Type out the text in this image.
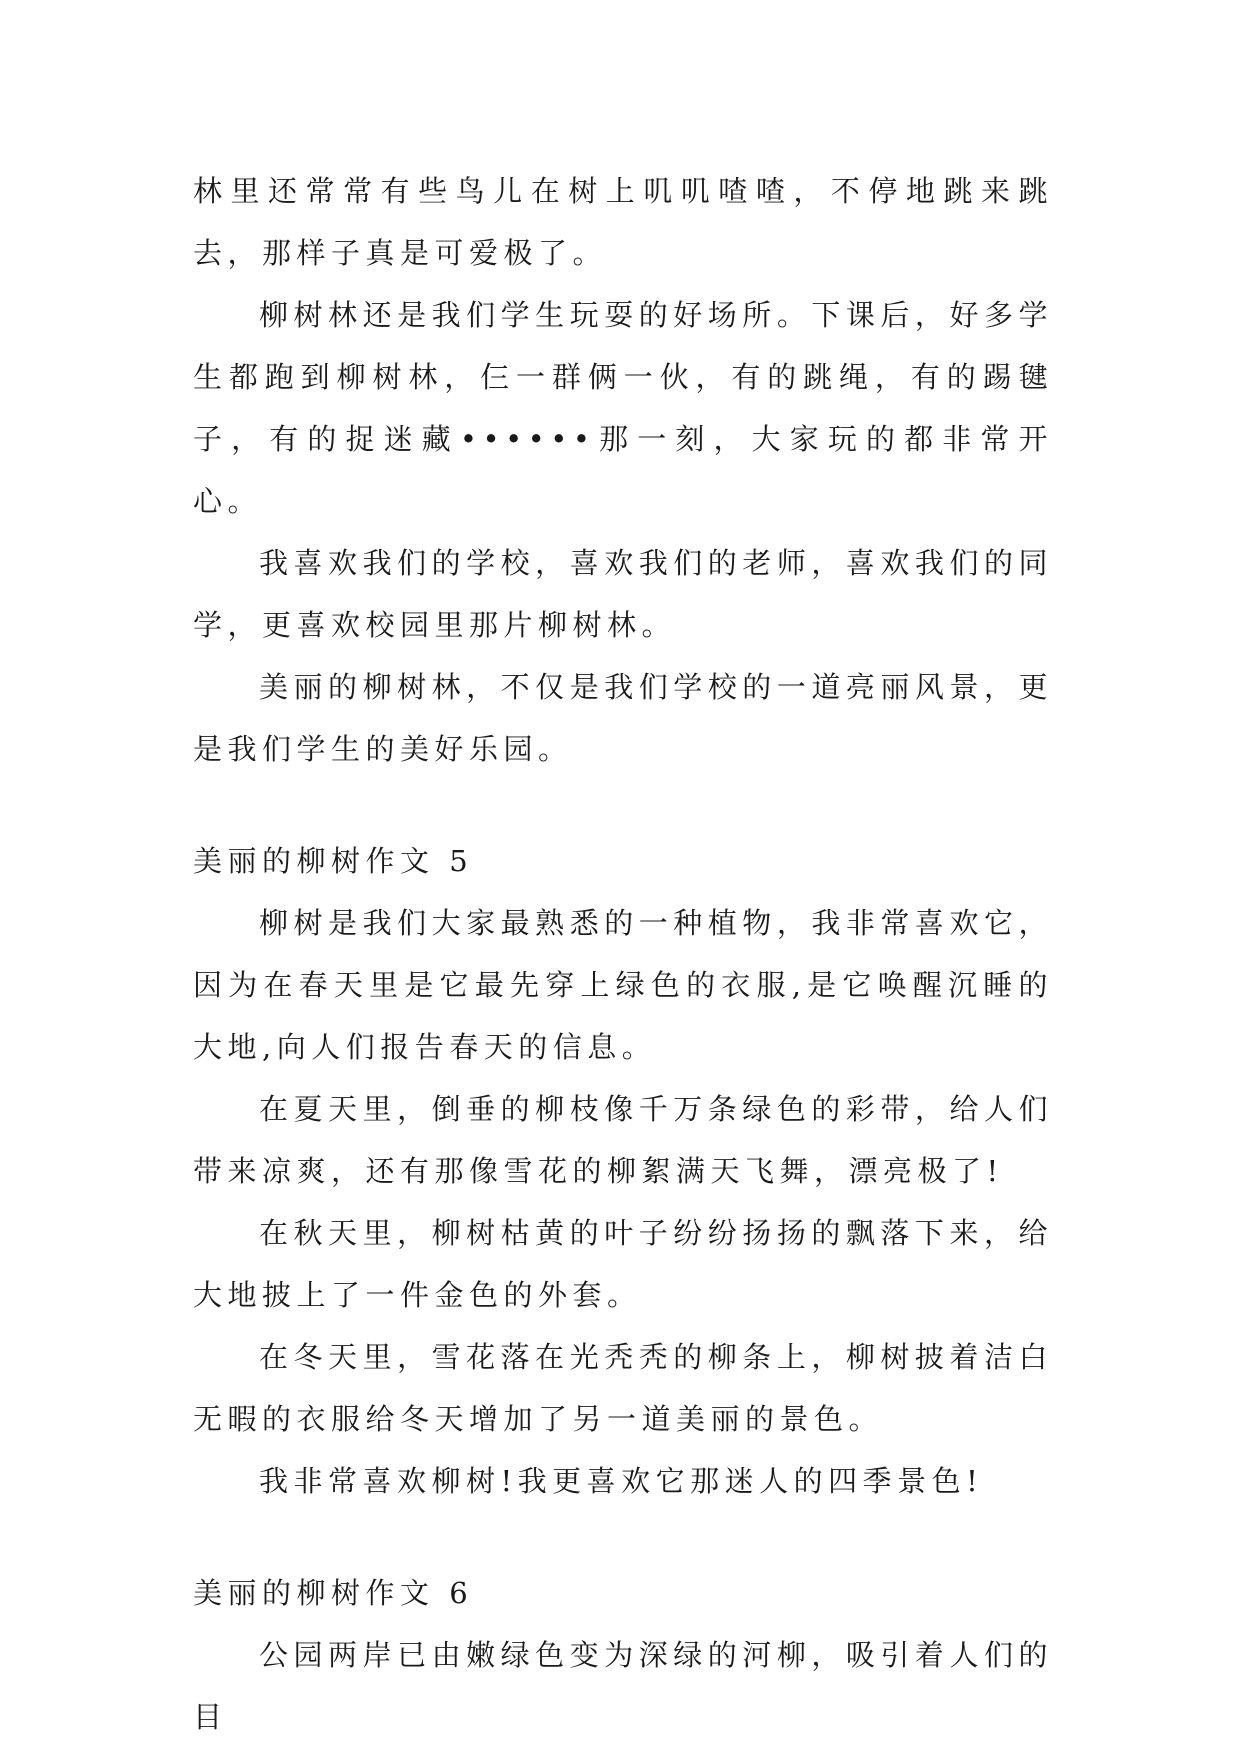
林里还常常有些鸟儿在树上叽叽喳喳，不停地跳来跳去，那样子真是可爱极了。

柳树林还是我们学生玩耍的好场所。下课后，好多学生都跑到柳树林，仨一群俩一伙，有的跳绳，有的踢毽子，有的捉迷藏••••••那一刻，大家玩的都非常开心。

我喜欢我们的学校，喜欢我们的老师，喜欢我们的同学，更喜欢校园里那片柳树林。

美丽的柳树林，不仅是我们学校的一道亮丽风景，更是我们学生的美好乐园。

美丽的柳树作文 5

柳树是我们大家最熟悉的一种植物，我非常喜欢它，因为在春天里是它最先穿上绿色的衣服,是它唤醒沉睡的大地,向人们报告春天的信息。

在夏天里，倒垂的柳枝像千万条绿色的彩带，给人们带来凉爽，还有那像雪花的柳絮满天飞舞，漂亮极了!

在秋天里，柳树枯黄的叶子纷纷扬扬的飘落下来，给大地披上了一件金色的外套。

在冬天里，雪花落在光秃秃的柳条上，柳树披着洁白无暇的衣服给冬天增加了另一道美丽的景色。

我非常喜欢柳树!我更喜欢它那迷人的四季景色!

美丽的柳树作文 6

公园两岸已由嫩绿色变为深绿的河柳，吸引着人们的目
